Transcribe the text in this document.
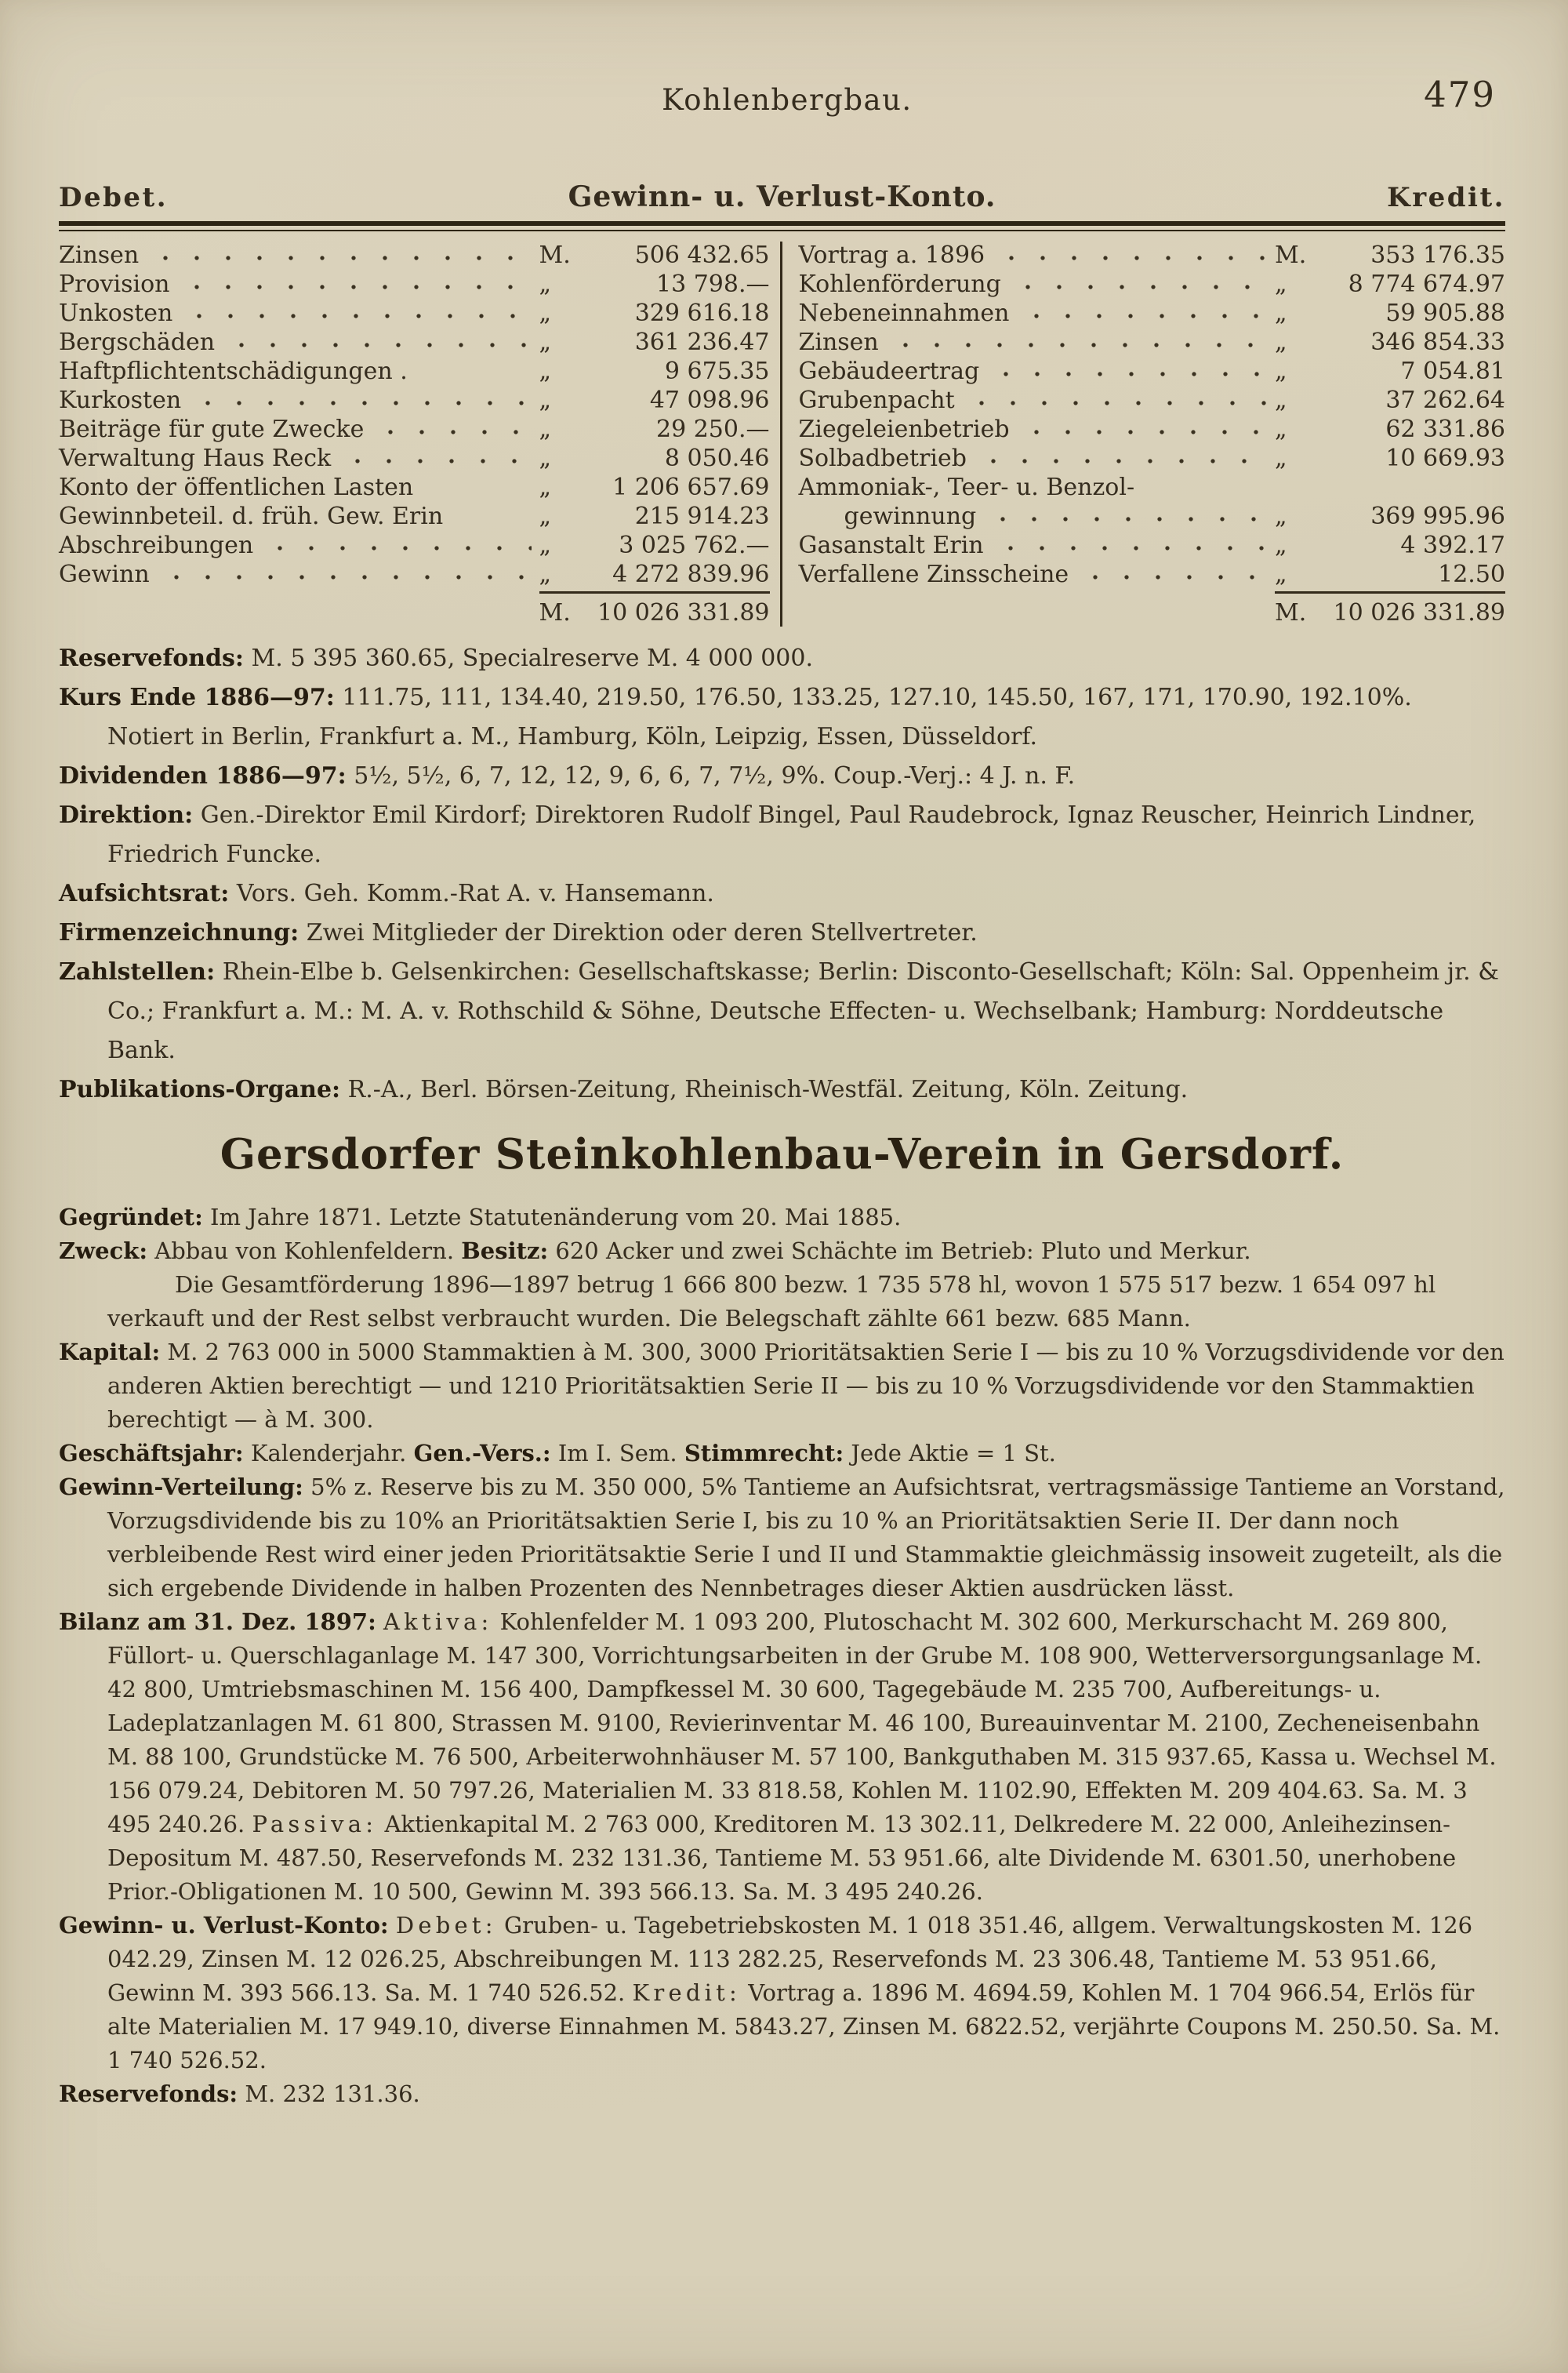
Kohlenbergbau.	479
Debet.	Gewinn- u. Verlust-Konto.	Kredit.
Zinsen	M.	506 432.65
Provision	„	13 798.—
Unkosten	„	329 616.18
Bergschäden	„	361 236.47
Haftpflichtentschädigungen .	„	9 675.35
Kurkosten	„	47 098.96
Beiträge für gute Zwecke	„	29 250.—
Verwaltung Haus Reck	„	8 050.46
Konto der öffentlichen Lasten	„	1 206 657.69
Gewinnbeteil. d. früh. Gew. Erin	„	215 914.23
Abschreibungen	„	3 025 762.—
Gewinn	„	4 272 839.96
M.	10 026 331.89
Vortrag a. 1896	M.	353 176.35
Kohlenförderung	„	8 774 674.97
Nebeneinnahmen	„	59 905.88
Zinsen	„	346 854.33
Gebäudeertrag	„	7 054.81
Grubenpacht	„	37 262.64
Ziegeleienbetrieb	„	62 331.86
Solbadbetrieb	„	10 669.93
Ammoniak-, Teer- u. Benzol-
gewinnung	„	369 995.96
Gasanstalt Erin	„	4 392.17
Verfallene Zinsscheine	„	12.50
M.	10 026 331.89

Reservefonds: M. 5 395 360.65, Specialreserve M. 4 000 000.

Kurs Ende 1886—97: 111.75, 111, 134.40, 219.50, 176.50, 133.25, 127.10, 145.50, 167, 171, 170.90, 192.10%. Notiert in Berlin, Frankfurt a. M., Hamburg, Köln, Leipzig, Essen, Düsseldorf.

Dividenden 1886—97: 5½, 5½, 6, 7, 12, 12, 9, 6, 6, 7, 7½, 9%. Coup.-Verj.: 4 J. n. F.

Direktion: Gen.-Direktor Emil Kirdorf; Direktoren Rudolf Bingel, Paul Raudebrock, Ignaz Reuscher, Heinrich Lindner, Friedrich Funcke.

Aufsichtsrat: Vors. Geh. Komm.-Rat A. v. Hansemann.

Firmenzeichnung: Zwei Mitglieder der Direktion oder deren Stellvertreter.

Zahlstellen: Rhein-Elbe b. Gelsenkirchen: Gesellschaftskasse; Berlin: Disconto-Gesellschaft; Köln: Sal. Oppenheim jr. & Co.; Frankfurt a. M.: M. A. v. Rothschild & Söhne, Deutsche Effecten- u. Wechselbank; Hamburg: Norddeutsche Bank.

Publikations-Organe: R.-A., Berl. Börsen-Zeitung, Rheinisch-Westfäl. Zeitung, Köln. Zeitung.

Gersdorfer Steinkohlenbau-Verein in Gersdorf.

Gegründet: Im Jahre 1871. Letzte Statutenänderung vom 20. Mai 1885.

Zweck: Abbau von Kohlenfeldern. Besitz: 620 Acker und zwei Schächte im Betrieb: Pluto und Merkur.

Die Gesamtförderung 1896—1897 betrug 1 666 800 bezw. 1 735 578 hl, wovon 1 575 517 bezw. 1 654 097 hl verkauft und der Rest selbst verbraucht wurden. Die Belegschaft zählte 661 bezw. 685 Mann.

Kapital: M. 2 763 000 in 5000 Stammaktien à M. 300, 3000 Prioritätsaktien Serie I — bis zu 10 % Vorzugsdividende vor den anderen Aktien berechtigt — und 1210 Prioritätsaktien Serie II — bis zu 10 % Vorzugsdividende vor den Stammaktien berechtigt — à M. 300.

Geschäftsjahr: Kalenderjahr. Gen.-Vers.: Im I. Sem. Stimmrecht: Jede Aktie = 1 St.

Gewinn-Verteilung: 5% z. Reserve bis zu M. 350 000, 5% Tantieme an Aufsichtsrat, vertragsmässige Tantieme an Vorstand, Vorzugsdividende bis zu 10% an Prioritätsaktien Serie I, bis zu 10 % an Prioritätsaktien Serie II. Der dann noch verbleibende Rest wird einer jeden Prioritätsaktie Serie I und II und Stammaktie gleichmässig insoweit zugeteilt, als die sich ergebende Dividende in halben Prozenten des Nennbetrages dieser Aktien ausdrücken lässt.

Bilanz am 31. Dez. 1897: Aktiva: Kohlenfelder M. 1 093 200, Plutoschacht M. 302 600, Merkurschacht M. 269 800, Füllort- u. Querschlaganlage M. 147 300, Vorrichtungsarbeiten in der Grube M. 108 900, Wetterversorgungsanlage M. 42 800, Umtriebsmaschinen M. 156 400, Dampfkessel M. 30 600, Tagegebäude M. 235 700, Aufbereitungs- u. Ladeplatzanlagen M. 61 800, Strassen M. 9100, Revierinventar M. 46 100, Bureauinventar M. 2100, Zecheneisenbahn M. 88 100, Grundstücke M. 76 500, Arbeiterwohnhäuser M. 57 100, Bankguthaben M. 315 937.65, Kassa u. Wechsel M. 156 079.24, Debitoren M. 50 797.26, Materialien M. 33 818.58, Kohlen M. 1102.90, Effekten M. 209 404.63. Sa. M. 3 495 240.26. Passiva: Aktienkapital M. 2 763 000, Kreditoren M. 13 302.11, Delkredere M. 22 000, Anleihezinsen-Depositum M. 487.50, Reservefonds M. 232 131.36, Tantieme M. 53 951.66, alte Dividende M. 6301.50, unerhobene Prior.-Obligationen M. 10 500, Gewinn M. 393 566.13. Sa. M. 3 495 240.26.

Gewinn- u. Verlust-Konto: Debet: Gruben- u. Tagebetriebskosten M. 1 018 351.46, allgem. Verwaltungskosten M. 126 042.29, Zinsen M. 12 026.25, Abschreibungen M. 113 282.25, Reservefonds M. 23 306.48, Tantieme M. 53 951.66, Gewinn M. 393 566.13. Sa. M. 1 740 526.52. Kredit: Vortrag a. 1896 M. 4694.59, Kohlen M. 1 704 966.54, Erlös für alte Materialien M. 17 949.10, diverse Einnahmen M. 5843.27, Zinsen M. 6822.52, verjährte Coupons M. 250.50. Sa. M. 1 740 526.52.

Reservefonds: M. 232 131.36.
